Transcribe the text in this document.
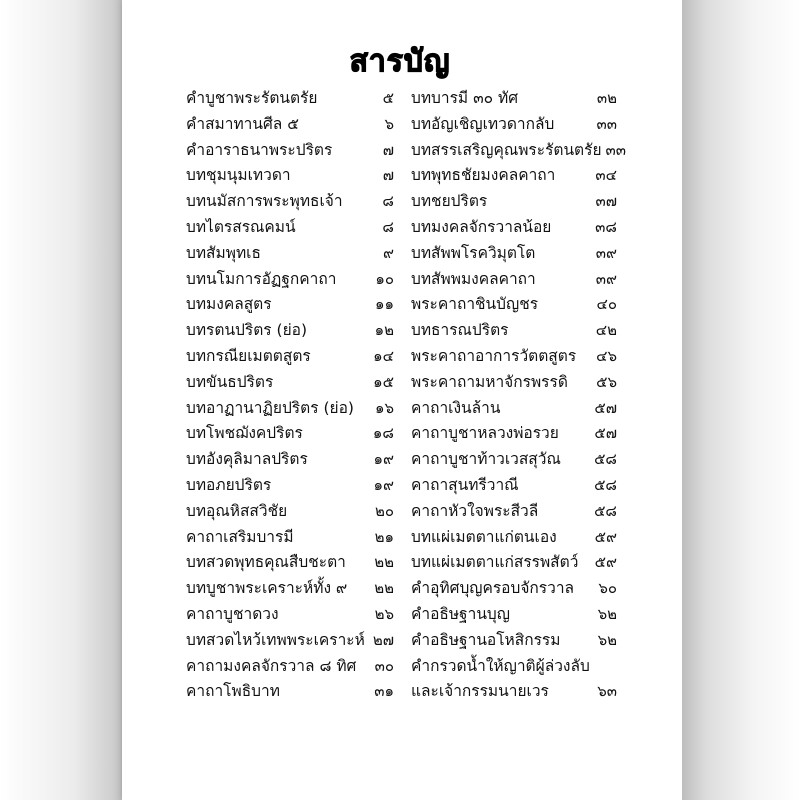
สารบัญ
คำบูชาพระรัตนตรัย	๕
คำสมาทานศีล ๕	๖
คำอาราธนาพระปริตร	๗
บทชุมนุมเทวดา	๗
บทนมัสการพระพุทธเจ้า	๘
บทไตรสรณคมน์	๘
บทสัมพุทเธ	๙
บทนโมการอัฏฐกคาถา	๑๐
บทมงคลสูตร	๑๑
บทรตนปริตร (ย่อ)	๑๒
บทกรณียเมตตสูตร	๑๔
บทขันธปริตร	๑๕
บทอาฏานาฏิยปริตร (ย่อ) ๑๖
บทโพชฌังคปริตร	๑๘
บทอังคุลิมาลปริตร	๑๙
บทอภยปริตร	๑๙
บทอุณหิสสวิชัย	๒๐
คาถาเสริมบารมี	๒๑
บทสวดพุทธคุณสืบชะตา ๒๒
บทบูชาพระเคราะห์ทั้ง ๙ ๒๒
คาถาบูชาดวง	๒๖
บทสวดไหว้เทพพระเคราะห์ ๒๗
คาถามงคลจักรวาล ๘ ทิศ ๓๐
คาถาโพธิบาท	๓๑
บทบารมี ๓๐ ทัศ	๓๒
บทอัญเชิญเทวดากลับ	๓๓
บทสรรเสริญคุณพระรัตนตรัย ๓๓
บทพุทธชัยมงคลคาถา	๓๔
บทชยปริตร	๓๗
บทมงคลจักรวาลน้อย	๓๘
บทสัพพโรควิมุตโต	๓๙
บทสัพพมงคลคาถา	๓๙
พระคาถาชินบัญชร	๔๐
บทธารณปริตร	๔๒
พระคาถาอาการวัตตสูตร ๔๖
พระคาถามหาจักรพรรดิ ๕๖
คาถาเงินล้าน	๕๗
คาถาบูชาหลวงพ่อรวย ๕๗
คาถาบูชาท้าวเวสสุวัณ ๕๘
คาถาสุนทรีวาณี	๕๘
คาถาหัวใจพระสีวลี	๕๘
บทแผ่เมตตาแก่ตนเอง	๕๙
บทแผ่เมตตาแก่สรรพสัตว์ ๕๙
คำอุทิศบุญครอบจักรวาล ๖๐
คำอธิษฐานบุญ	๖๒
คำอธิษฐานอโหสิกรรม ๖๒
คำกรวดน้ำให้ญาติผู้ล่วงลับ
และเจ้ากรรมนายเวร	๖๓
